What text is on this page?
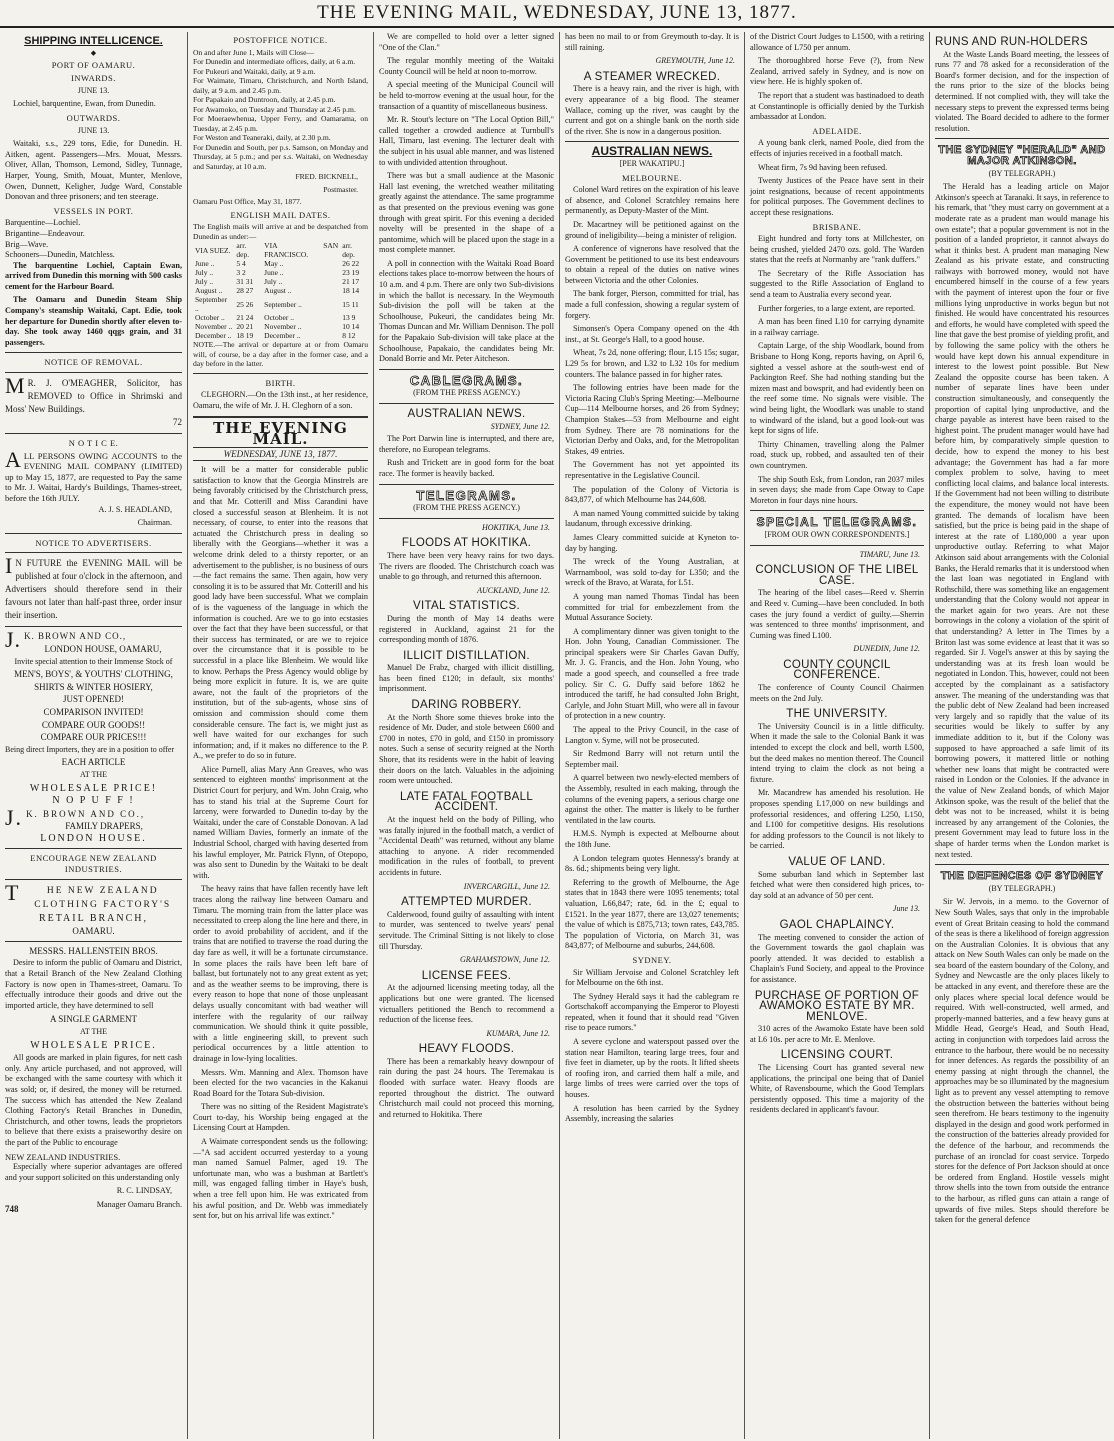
THE EVENING MAIL, WEDNESDAY, JUNE 13, 1877.
SHIPPING INTELLICENCE.
◆
PORT OF OAMARU.
INWARDS.
JUNE 13.

Lochiel, barquentine, Ewan, from Dunedin.

OUTWARDS.
JUNE 13.

Waitaki, s.s., 229 tons, Edie, for Dunedin. H. Aitken, agent. Passengers—Mrs. Mouat, Messrs. Oliver, Allan, Thomson, Lemond, Sidley, Tunnage, Harper, Young, Smith, Mouat, Munter, Menlove, Owen, Dunnett, Keligher, Judge Ward, Constable Donovan and three prisoners; and ten steerage.

VESSELS IN PORT.
Barquentine—Lochiel.
Brigantine—Endeavour.
Brig—Wave.
Schooners—Dunedin, Matchless.

The barquentine Lochiel, Captain Ewan, arrived from Dunedin this morning with 500 casks cement for the Harbour Board.

The Oamaru and Dunedin Steam Ship Company's steamship Waitaki, Capt. Edie, took her departure for Dunedin shortly after eleven to-day. She took away 1460 qqgs grain, and 31 passengers.

NOTICE OF REMOVAL.
M R. J. O'MEAGHER, Solicitor, has REMOVED to Office in Shrimski and Moss' New Buildings.
72
N O T I C E.
ALL PERSONS OWING ACCOUNTS to the EVENING MAIL COMPANY (LIMITED) up to May 15, 1877, are requested to Pay the same to Mr. J. Waitai, Hardy's Buildings, Thames-street, before the 16th JULY.
A. J. S. HEADLAND,
Chairman.
NOTICE TO ADVERTISERS.
I N FUTURE the EVENING MAIL will be published at four o'clock in the afternoon, and Advertisers should therefore send in their favours not later than half-past three, order insur their insertion.
J. K. BROWN AND CO.,
LONDON HOUSE, OAMARU,
Invite special attention to their Immense Stock of
MEN'S, BOYS', & YOUTHS' CLOTHING,
SHIRTS & WINTER HOSIERY,
JUST OPENED!
COMPARISON INVITED!
COMPARE OUR GOODS!!
COMPARE OUR PRICES!!!
Being direct Importers, they are in a position to offer
EACH ARTICLE
AT THE
WHOLESALE PRICE!
N O P U F F !
J. K. BROWN AND CO.,
FAMILY DRAPERS,
LONDON HOUSE.
ENCOURAGE NEW ZEALAND INDUSTRIES.
T	HE NEW ZEALAND CLOTHING FACTORY'S
RETAIL BRANCH,
OAMARU.
MESSRS. HALLENSTEIN BROS.

Desire to inform the public of Oamaru and District, that a Retail Branch of the New Zealand Clothing Factory is now open in Thames-street, Oamaru. To effectually introduce their goods and drive out the imported article, they have determined to sell

A SINGLE GARMENT
AT THE
WHOLESALE PRICE.

All goods are marked in plain figures, for nett cash only. Any article purchased, and not approved, will be exchanged with the same courtesy with which it was sold; or, if desired, the money will be returned. The success which has attended the New Zealand Clothing Factory's Retail Branches in Dunedin, Christchurch, and other towns, leads the proprietors to believe that there exists a praiseworthy desire on the part of the Public to encourage

NEW ZEALAND INDUSTRIES.

Especially where superior advantages are offered and your support solicited on this understanding only

R. C. LINDSAY,
748	Manager Oamaru Branch.
POSTOFFICE NOTICE.
On and after June 1, Mails will Close—
For Dunedin and intermediate offices, daily, at 6 a.m.
For Pukeuri and Waitaki, daily, at 9 a.m.
For Waimate, Timaru, Christchurch, and North Island, daily, at 9 a.m. and 2.45 p.m.
For Papakaio and Duntroon, daily, at 2.45 p.m.
For Awamoko, on Tuesday and Thursday at 2.45 p.m.
For Moeraewhenua, Upper Ferry, and Oamarama, on Tuesday, at 2.45 p.m.
For Weston and Teaneraki, daily, at 2.30 p.m.
For Dunedin and South, per p.s. Samson, on Monday and Thursday, at 5 p.m.; and per s.s. Waitaki, on Wednesday and Saturday, at 10 a.m.
FRED. BICKNELL,
Postmaster.
Oamaru Post Office, May 31, 1877.
ENGLISH MAIL DATES.
The English mails will arrive at and be despatched from Dunedin as under:—
VIA SUEZ.	arr. dep.	VIA SAN FRANCISCO.	arr. dep.
June ..	5 4	May ..	26 22
July ..	3 2	June ..	23 19
July ..	31 31	July ..	21 17
August ..	28 27	August ..	18 14
September ..	25 26	September ..	15 11
October ..	21 24	October ..	13 9
November ..	20 21	November ..	10 14
December ..	18 19	December ..	8 12
NOTE.—The arrival or departure at or from Oamaru will, of course, be a day after in the former case, and a day before in the latter.
BIRTH.

CLEGHORN.—On the 13th inst., at her residence, Oamaru, the wife of Mr. J. H. Cleghorn of a son.

THE EVENING MAIL.
WEDNESDAY, JUNE 13, 1877.

It will be a matter for considerable public satisfaction to know that the Georgia Minstrels are being favorably criticised by the Christchurch press, and that Mr. Cotterill and Miss Carandini have closed a successful season at Blenheim. It is not necessary, of course, to enter into the reasons that actuated the Christchurch press in dealing so liberally with the Georgians—whether it was a welcome drink deled to a thirsty reporter, or an advertisement to the publisher, is no business of ours—the fact remains the same. Then again, how very consoling it is to be assured that Mr. Cotterill and his good lady have been successful. What we complain of is the vagueness of the language in which the information is couched. Are we to go into ecstasies over the fact that they have been successful, or that their success has terminated, or are we to rejoice over the circumstance that it is possible to be successful in a place like Blenheim. We would like to know. Perhaps the Press Agency would oblige by being more explicit in future. It is, we are quite aware, not the fault of the proprietors of the institution, but of the sub-agents, whose sins of omission and commission should come them considerable censure. The fact is, we might just as well have waited for our exchanges for such information; and, if it makes no difference to the P. A., we prefer to do so in future.

Alice Purnell, alias Mary Ann Greaves, who was sentenced to eighteen months' imprisonment at the District Court for perjury, and Wm. John Craig, who has to stand his trial at the Supreme Court for larceny, were forwarded to Dunedin to-day by the Waitaki, under the care of Constable Donovan. A lad named William Davies, formerly an inmate of the Industrial School, charged with having deserted from his lawful employer, Mr. Patrick Flynn, of Otepopo, was also sent to Dunedin by the Waitaki to be dealt with.

The heavy rains that have fallen recently have left traces along the railway line between Oamaru and Timaru. The morning train from the latter place was necessitated to creep along the line here and there, in order to avoid probability of accident, and if the trains that are notified to traverse the road during the day fare as well, it will be a fortunate circumstance. In some places the rails have been left bare of ballast, but fortunately not to any great extent as yet; and as the weather seems to be improving, there is every reason to hope that none of those unpleasant delays usually concomitant with bad weather will interfere with the regularity of our railway communication. We should think it quite possible, with a little engineering skill, to prevent such periodical occurrences by a little attention to drainage in low-lying localities.

Messrs. Wm. Manning and Alex. Thomson have been elected for the two vacancies in the Kakanui Road Board for the Totara Sub-division.

There was no sitting of the Resident Magistrate's Court to-day, his Worship being engaged at the Licensing Court at Hampden.

A Waimate correspondent sends us the following:—"A sad accident occurred yesterday to a young man named Samuel Palmer, aged 19. The unfortunate man, who was a bushman at Bartlett's mill, was engaged falling timber in Haye's bush, when a tree fell upon him. He was extricated from his awful position, and Dr. Webb was immediately sent for, but on his arrival life was extinct."

We are compelled to hold over a letter signed "One of the Clan."

The regular monthly meeting of the Waitaki County Council will be held at noon to-morrow.

A special meeting of the Municipal Council will be held to-morrow evening at the usual hour, for the transaction of a quantity of miscellaneous business.

Mr. R. Stout's lecture on "The Local Option Bill," called together a crowded audience at Turnbull's Hall, Timaru, last evening. The lecturer dealt with the subject in his usual able manner, and was listened to with undivided attention throughout.

There was but a small audience at the Masonic Hall last evening, the wretched weather militating greatly against the attendance. The same programme as that presented on the previous evening was gone through with great spirit. For this evening a decided novelty will be presented in the shape of a pantomime, which will be placed upon the stage in a most complete manner.

A poll in connection with the Waitaki Road Board elections takes place to-morrow between the hours of 10 a.m. and 4 p.m. There are only two Sub-divisions in which the ballot is necessary. In the Weymouth Sub-division the poll will be taken at the Schoolhouse, Pukeuri, the candidates being Mr. Thomas Duncan and Mr. William Dennison. The poll for the Papakaio Sub-division will take place at the Schoolhouse, Papakaio, the candidates being Mr. Donald Borrie and Mr. Peter Aitcheson.

CABLEGRAMS.
(FROM THE PRESS AGENCY.)
AUSTRALIAN NEWS.
SYDNEY, June 12.

The Port Darwin line is interrupted, and there are, therefore, no European telegrams.

Rush and Trickett are in good form for the boat race. The former is heavily backed.

TELEGRAMS.
(FROM THE PRESS AGENCY.)
HOKITIKA, June 13.
FLOODS AT HOKITIKA.

There have been very heavy rains for two days. The rivers are flooded. The Christchurch coach was unable to go through, and returned this afternoon.

AUCKLAND, June 12.
VITAL STATISTICS.

During the month of May 14 deaths were registered in Auckland, against 21 for the corresponding month of 1876.

ILLICIT DISTILLATION.

Manuel De Frabz, charged with illicit distilling, has been fined £120; in default, six months' imprisonment.

DARING ROBBERY.

At the North Shore some thieves broke into the residence of Mr. Duder, and stole between £600 and £700 in notes, £70 in gold, and £150 in promissory notes. Such a sense of security reigned at the North Shore, that its residents were in the habit of leaving their doors on the latch. Valuables in the adjoining room were untouched.

LATE FATAL FOOTBALL ACCIDENT.

At the inquest held on the body of Pilling, who was fatally injured in the football match, a verdict of "Accidental Death" was returned, without any blame attaching to anyone. A rider recommended modification in the rules of football, to prevent accidents in future.

INVERCARGILL, June 12.
ATTEMPTED MURDER.

Calderwood, found guilty of assaulting with intent to murder, was sentenced to twelve years' penal servitude. The Criminal Sitting is not likely to close till Thursday.

GRAHAMSTOWN, June 12.
LICENSE FEES.

At the adjourned licensing meeting today, all the applications but one were granted. The licensed victuallers petitioned the Bench to recommend a reduction of the license fees.

KUMARA, June 12.
HEAVY FLOODS.

There has been a remarkably heavy downpour of rain during the past 24 hours. The Teremakau is flooded with surface water. Heavy floods are reported throughout the district. The outward Christchurch mail could not proceed this morning, and returned to Hokitika. There

has been no mail to or from Greymouth to-day. It is still raining.

GREYMOUTH, June 12.
A STEAMER WRECKED.

There is a heavy rain, and the river is high, with every appearance of a big flood. The steamer Wallace, coming up the river, was caught by the current and got on a shingle bank on the north side of the river. She is now in a dangerous position.

AUSTRALIAN NEWS.
[PER WAKATIPU.]
MELBOURNE.

Colonel Ward retires on the expiration of his leave of absence, and Colonel Scratchley remains here permanently, as Deputy-Master of the Mint.

Dr. Macartney will be petitioned against on the ground of ineligibility—being a minister of religion.

A conference of vignerons have resolved that the Government be petitioned to use its best endeavours to obtain a repeal of the duties on native wines between Victoria and the other Colonies.

The bank forger, Pierson, committed for trial, has made a full confession, showing a regular system of forgery.

Simonsen's Opera Company opened on the 4th inst., at St. George's Hall, to a good house.

Wheat, 7s 2d, none offering; flour, L15 15s; sugar, L29 5s for brown, and L32 to L32 10s for medium counters. The balance passed in for higher rates.

The following entries have been made for the Victoria Racing Club's Spring Meeting:—Melbourne Cup—114 Melbourne horses, and 26 from Sydney; Champion Stakes—53 from Melbourne and eight from Sydney. There are 78 nominations for the Victorian Derby and Oaks, and, for the Metropolitan Stakes, 49 entries.

The Government has not yet appointed its representative in the Legislative Council.

The population of the Colony of Victoria is 843,877, of which Melbourne has 244,608.

A man named Young committed suicide by taking laudanum, through excessive drinking.

James Cleary committed suicide at Kyneton to-day by hanging.

The wreck of the Young Australian, at Warrnambool, was sold to-day for L350; and the wreck of the Bravo, at Warata, for L51.

A young man named Thomas Tindal has been committed for trial for embezzlement from the Mutual Assurance Society.

A complimentary dinner was given tonight to the Hon. John Young, Canadian Commissioner. The principal speakers were Sir Charles Gavan Duffy, Mr. J. G. Francis, and the Hon. John Young, who made a good speech, and counselled a free trade policy. Sir C. G. Duffy said before 1862 he introduced the tariff, he had consulted John Bright, Carlyle, and John Stuart Mill, who were all in favour of protection in a new country.

The appeal to the Privy Council, in the case of Langton v. Syme, will not be prosecuted.

Sir Redmond Barry will not return until the September mail.

A quarrel between two newly-elected members of the Assembly, resulted in each making, through the columns of the evening papers, a serious charge one against the other. The matter is likely to be further ventilated in the law courts.

H.M.S. Nymph is expected at Melbourne about the 18th June.

A London telegram quotes Hennessy's brandy at 8s. 6d.; shipments being very light.

Referring to the growth of Melbourne, the Age states that in 1843 there were 1095 tenements; total valuation, L66,847; rate, 6d. in the £; equal to £1521. In the year 1877, there are 13,027 tenements; the value of which is £875,713; town rates, £43,785. The population of Victoria, on March 31, was 843,877; of Melbourne and suburbs, 244,608.

SYDNEY.

Sir William Jervoise and Colonel Scratchley left for Melbourne on the 6th inst.

The Sydney Herald says it had the cablegram re Gortschakoff accompanying the Emperor to Ployesti repeated, when it found that it should read "Given rise to peace rumors."

A severe cyclone and waterspout passed over the station near Hamilton, tearing large trees, four and five feet in diameter, up by the roots. It lifted sheets of roofing iron, and carried them half a mile, and large limbs of trees were carried over the tops of houses.

A resolution has been carried by the Sydney Assembly, increasing the salaries

of the District Court Judges to L1500, with a retiring allowance of L750 per annum.

The thoroughbred horse Feve (?), from New Zealand, arrived safely in Sydney, and is now on view here. He is highly spoken of.

The report that a student was bastinadoed to death at Constantinople is officially denied by the Turkish ambassador at London.

ADELAIDE.

A young bank clerk, named Poole, died from the effects of injuries received in a football match.

Wheat firm, 7s 9d having been refused.

Twenty Justices of the Peace have sent in their joint resignations, because of recent appointments for political purposes. The Government declines to accept these resignations.

BRISBANE.

Eight hundred and forty tons at Millchester, on being crushed, yielded 2470 ozs. gold. The Warden states that the reefs at Normanby are "rank duffers."

The Secretary of the Rifle Association has suggested to the Rifle Association of England to send a team to Australia every second year.

Further forgeries, to a large extent, are reported.

A man has been fined L10 for carrying dynamite in a railway carriage.

Captain Large, of the ship Woodlark, bound from Brisbane to Hong Kong, reports having, on April 6, sighted a vessel ashore at the south-west end of Packington Reef. She had nothing standing but the mizen mast and bowsprit, and had evidently been on the reef some time. No signals were visible. The wind being light, the Woodlark was unable to stand to windward of the island, but a good look-out was kept for signs of life.

Thirty Chinamen, travelling along the Palmer road, stuck up, robbed, and assaulted ten of their own countrymen.

The ship South Esk, from London, ran 2037 miles in seven days; she made from Cape Otway to Cape Moreton in four days nine hours.

SPECIAL TELEGRAMS.
[FROM OUR OWN CORRESPONDENTS.]
TIMARU, June 13.
CONCLUSION OF THE LIBEL CASE.

The hearing of the libel cases—Reed v. Sherrin and Reed v. Cuming—have been concluded. In both cases the jury found a verdict of guilty.—Sherrin was sentenced to three months' imprisonment, and Cuming was fined L100.

DUNEDIN, June 12.
COUNTY COUNCIL CONFERENCE.

The conference of County Council Chairmen meets on the 2nd July.

THE UNIVERSITY.

The University Council is in a little difficulty. When it made the sale to the Colonial Bank it was intended to except the clock and bell, worth L500, but the deed makes no mention thereof. The Council intend trying to claim the clock as not being a fixture.

Mr. Macandrew has amended his resolution. He proposes spending L17,000 on new buildings and professorial residences, and offering L250, L150, and L100 for competitive designs. His resolutions for adding professors to the Council is not likely to be carried.

VALUE OF LAND.

Some suburban land which in September last fetched what were then considered high prices, to-day sold at an advance of 50 per cent.

June 13.
GAOL CHAPLAINCY.

The meeting convened to consider the action of the Government towards the gaol chaplain was poorly attended. It was decided to establish a Chaplain's Fund Society, and appeal to the Province for assistance.

PURCHASE OF PORTION OF AWAMOKO ESTATE BY MR. MENLOVE.

310 acres of the Awamoko Estate have been sold at L6 10s. per acre to Mr. E. Menlove.

LICENSING COURT.

The Licensing Court has granted several new applications, the principal one being that of Daniel White, of Ravensbourne, which the Good Templars persistently opposed. This time a majority of the residents declared in applicant's favour.

RUNS AND RUN-HOLDERS

At the Waste Lands Board meeting, the lessees of runs 77 and 78 asked for a reconsideration of the Board's former decision, and for the inspection of the runs prior to the size of the blocks being determined. If not complied with, they will take the necessary steps to prevent the expressed terms being violated. The Board decided to adhere to the former resolution.

THE SYDNEY "HERALD" AND MAJOR ATKINSON.
(BY TELEGRAPH.)

The Herald has a leading article on Major Atkinson's speech at Taranaki. It says, in reference to his remark, that "they must carry on government at a moderate rate as a prudent man would manage his own estate"; that a popular government is not in the position of a landed proprietor, it cannot always do what it thinks best. A prudent man managing New Zealand as his private estate, and constructing railways with borrowed money, would not have encumbered himself in the course of a few years with the payment of interest upon the four or five millions lying unproductive in works begun but not finished. He would have concentrated his resources and efforts, he would have completed with speed the line that gave the best promise of yielding profit, and by following the same policy with the others he would have kept down his annual expenditure in interest to the lowest point possible. But New Zealand the opposite course has been taken. A number of separate lines have been under construction simultaneously, and consequently the proportion of capital lying unproductive, and the charge payable as interest have been raised to the highest point. The prudent manager would have had before him, by comparatively simple question to decide, how to expend the money to his best advantage; the Government has had a far more complex problem to solve, having to meet conflicting local claims, and balance local interests. If the Government had not been willing to distribute the expenditure, the money would not have been granted. The demands of localism have been satisfied, but the price is being paid in the shape of interest at the rate of L180,000 a year upon unproductive outlay. Referring to what Major Atkinson said about arrangements with the Colonial Banks, the Herald remarks that it is understood when the last loan was negotiated in England with Rothschild, there was something like an engagement understanding that the Colony would not appear in the market again for two years. Are not these borrowings in the colony a violation of the spirit of that understanding? A letter in The Times by a Briton last was some evidence at least that it was so regarded. Sir J. Vogel's answer at this by saying the understanding was at its fresh loan would be negotiated in London. This, however, could not been accepted by the complainant as a satisfactory answer. The meaning of the understanding was that the public debt of New Zealand had been increased very largely and so rapidly that the value of its securities would be likely to suffer by any immediate addition to it, but if the Colony was supposed to have approached a safe limit of its borrowing powers, it mattered little or nothing whether new loans that might be contracted were raised in London or the Colonies. If the advance in the value of New Zealand bonds, of which Major Atkinson spoke, was the result of the belief that the debt was not to be increased, whilst it is being increased by any arrangement of the Colonies, the present Government may lead to future loss in the shape of harder terms when the London market is next tested.

THE DEFENCES OF SYDNEY
(BY TELEGRAPH.)

Sir W. Jervois, in a memo. to the Governor of New South Wales, says that only in the improbable event of Great Britain ceasing to hold the command of the seas is there a likelihood of foreign aggression on the Australian Colonies. It is obvious that any attack on New South Wales can only be made on the sea board of the eastern boundary of the Colony, and Sydney and Newcastle are the only places likely to be attacked in any event, and therefore these are the only places where special local defence would be required. With well-constructed, well armed, and properly-manned batteries, and a few heavy guns at Middle Head, George's Head, and South Head, acting in conjunction with torpedoes laid across the entrance to the harbour, there would be no necessity for inner defences. As regards the possibility of an enemy passing at night through the channel, the approaches may be so illuminated by the magnesium light as to prevent any vessel attempting to remove the obstruction between the batteries without being seen therefrom. He bears testimony to the ingenuity displayed in the design and good work performed in the construction of the batteries already provided for the defence of the harbour, and recommends the purchase of an ironclad for coast service. Torpedo stores for the defence of Port Jackson should at once be ordered from England. Hostile vessels might throw shells into the town from outside the entrance to the harbour, as rifled guns can attain a range of upwards of five miles. Steps should therefore be taken for the general defence
